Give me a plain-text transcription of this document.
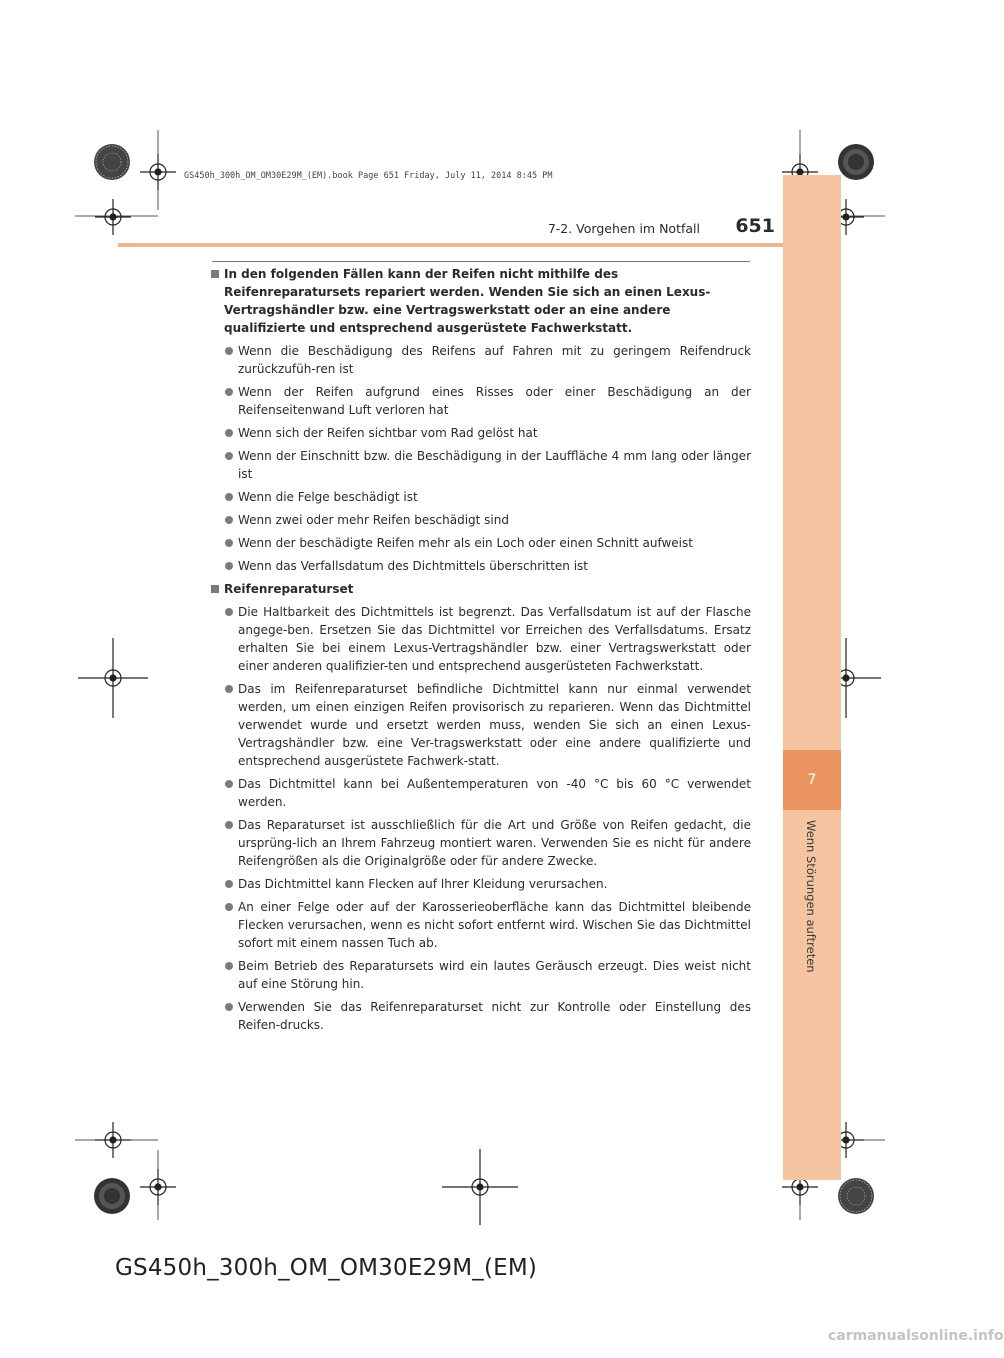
7
Wenn Störungen auftreten
GS450h_300h_OM_OM30E29M_(EM).book Page 651 Friday, July 11, 2014 8:45 PM
7-2. Vorgehen im Notfall	651
In den folgenden Fällen kann der Reifen nicht mithilfe des Reifenreparatursets repariert werden. Wenden Sie sich an einen Lexus-Vertragshändler bzw. eine Vertragswerkstatt oder an eine andere qualifizierte und entsprechend ausgerüstete Fachwerkstatt.
Wenn die Beschädigung des Reifens auf Fahren mit zu geringem Reifendruck zurückzufüh-ren ist
Wenn der Reifen aufgrund eines Risses oder einer Beschädigung an der Reifenseitenwand Luft verloren hat
Wenn sich der Reifen sichtbar vom Rad gelöst hat
Wenn der Einschnitt bzw. die Beschädigung in der Lauffläche 4 mm lang oder länger ist
Wenn die Felge beschädigt ist
Wenn zwei oder mehr Reifen beschädigt sind
Wenn der beschädigte Reifen mehr als ein Loch oder einen Schnitt aufweist
Wenn das Verfallsdatum des Dichtmittels überschritten ist
Reifenreparaturset
Die Haltbarkeit des Dichtmittels ist begrenzt. Das Verfallsdatum ist auf der Flasche angege-ben. Ersetzen Sie das Dichtmittel vor Erreichen des Verfallsdatums. Ersatz erhalten Sie bei einem Lexus-Vertragshändler bzw. einer Vertragswerkstatt oder einer anderen qualifizier-ten und entsprechend ausgerüsteten Fachwerkstatt.
Das im Reifenreparaturset befindliche Dichtmittel kann nur einmal verwendet werden, um einen einzigen Reifen provisorisch zu reparieren. Wenn das Dichtmittel verwendet wurde und ersetzt werden muss, wenden Sie sich an einen Lexus-Vertragshändler bzw. eine Ver-tragswerkstatt oder eine andere qualifizierte und entsprechend ausgerüstete Fachwerk-statt.
Das Dichtmittel kann bei Außentemperaturen von -40 °C bis 60 °C verwendet werden.
Das Reparaturset ist ausschließlich für die Art und Größe von Reifen gedacht, die ursprüng-lich an Ihrem Fahrzeug montiert waren. Verwenden Sie es nicht für andere Reifengrößen als die Originalgröße oder für andere Zwecke.
Das Dichtmittel kann Flecken auf Ihrer Kleidung verursachen.
An einer Felge oder auf der Karosserieoberfläche kann das Dichtmittel bleibende Flecken verursachen, wenn es nicht sofort entfernt wird. Wischen Sie das Dichtmittel sofort mit einem nassen Tuch ab.
Beim Betrieb des Reparatursets wird ein lautes Geräusch erzeugt. Dies weist nicht auf eine Störung hin.
Verwenden Sie das Reifenreparaturset nicht zur Kontrolle oder Einstellung des Reifen-drucks.
GS450h_300h_OM_OM30E29M_(EM)
carmanualsonline.info
